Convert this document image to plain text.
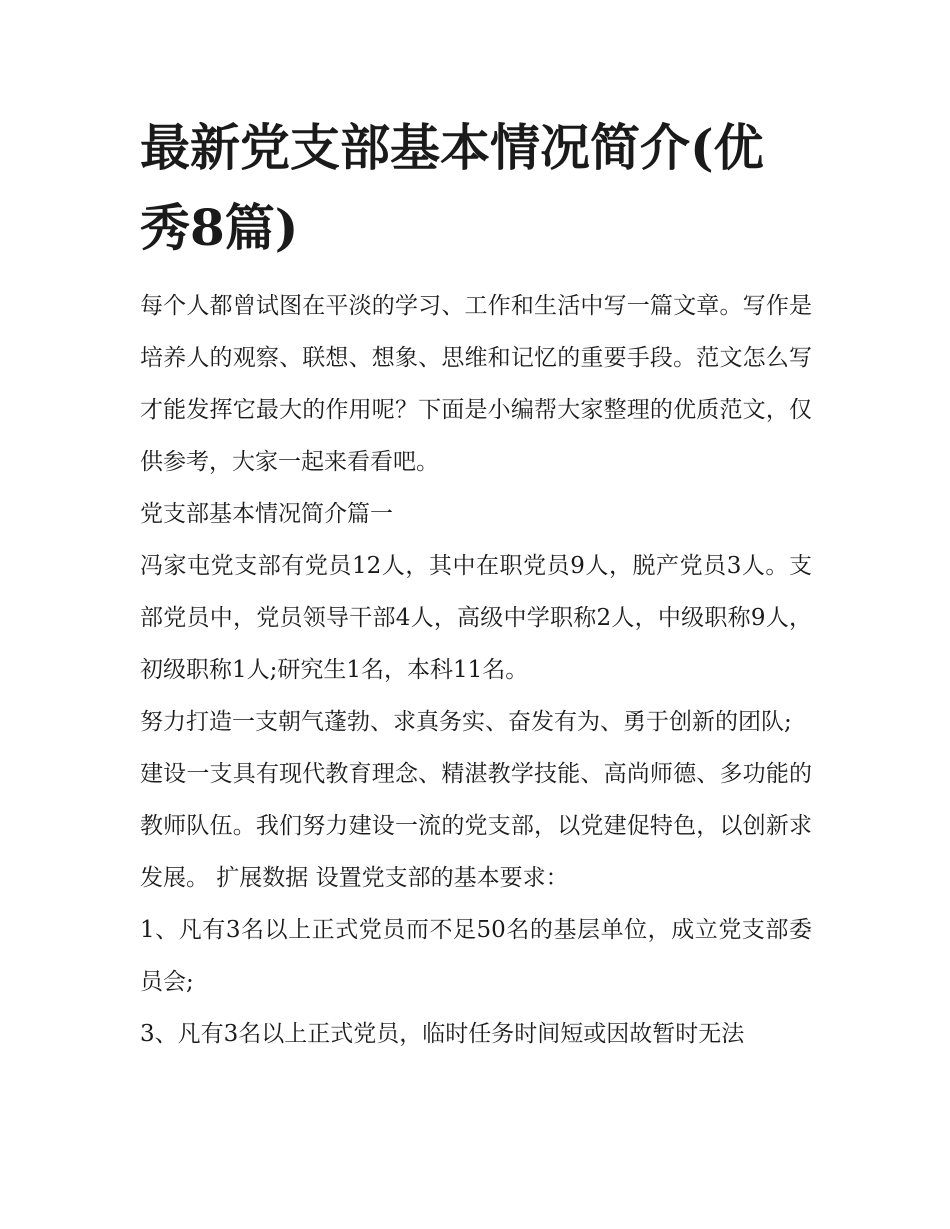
最新党支部基本情况简介(优秀8篇)

每个人都曾试图在平淡的学习、工作和生活中写一篇文章。写作是培养人的观察、联想、想象、思维和记忆的重要手段。范文怎么写才能发挥它最大的作用呢？下面是小编帮大家整理的优质范文，仅供参考，大家一起来看看吧。

党支部基本情况简介篇一

冯家屯党支部有党员12人，其中在职党员9人，脱产党员3人。支部党员中，党员领导干部4人，高级中学职称2人，中级职称9人，初级职称1人;研究生1名，本科11名。

努力打造一支朝气蓬勃、求真务实、奋发有为、勇于创新的团队;

建设一支具有现代教育理念、精湛教学技能、高尚师德、多功能的教师队伍。我们努力建设一流的党支部，以党建促特色，以创新求发展。 扩展数据 设置党支部的基本要求：

1、凡有3名以上正式党员而不足50名的基层单位，成立党支部委员会;

3、凡有3名以上正式党员，临时任务时间短或因故暂时无法
